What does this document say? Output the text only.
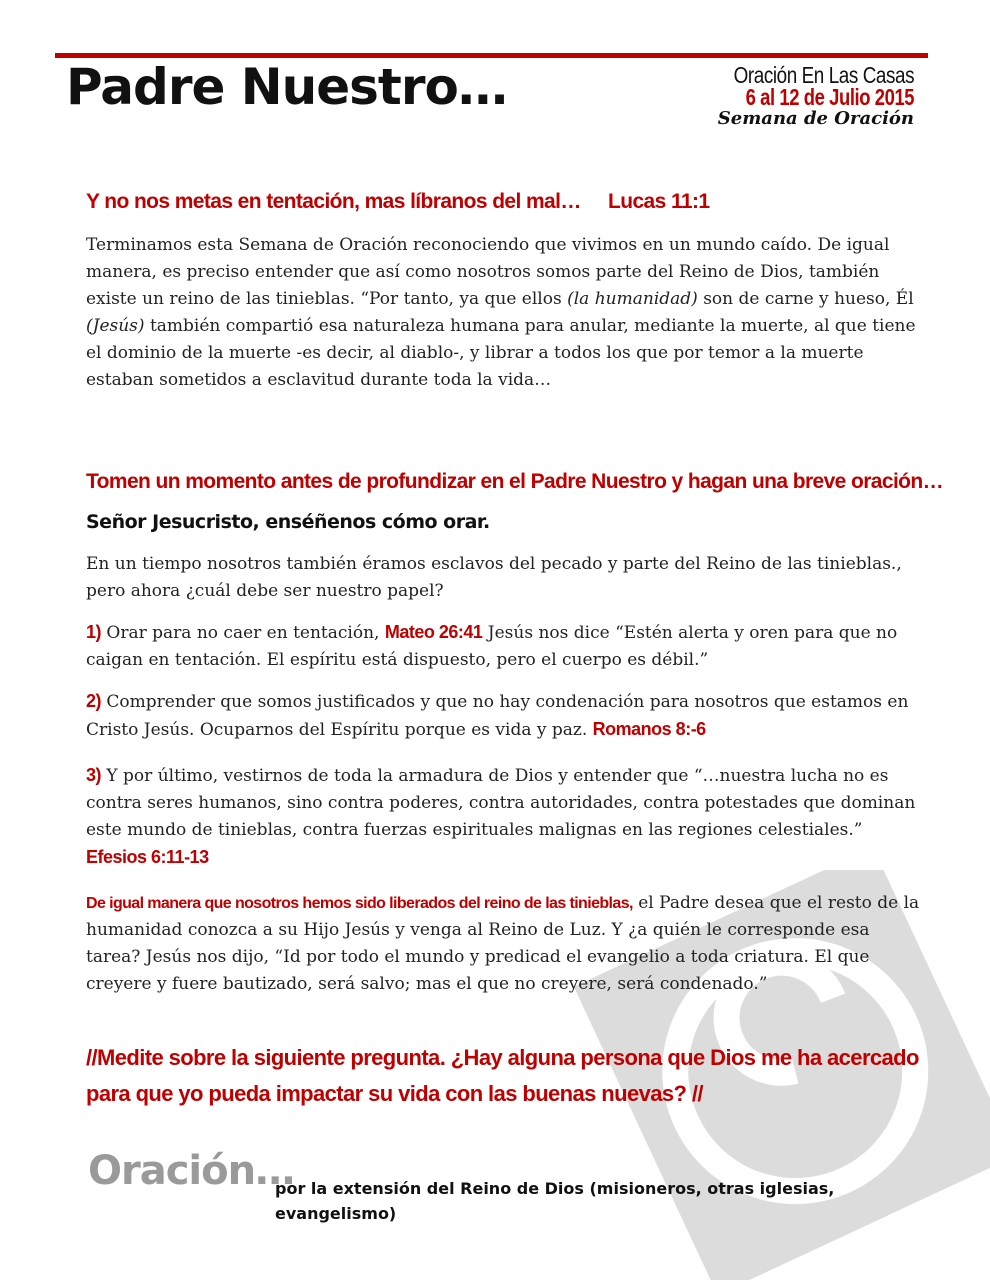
Padre Nuestro…	Oración En Las Casas
6 al 12 de Julio 2015
Semana de Oración
Y no nos metas en tentación, mas líbranos del mal… Lucas 11:1
Terminamos esta Semana de Oración reconociendo que vivimos en un mundo caído. De igual manera, es preciso entender que así como nosotros somos parte del Reino de Dios, también existe un reino de las tinieblas. “Por tanto, ya que ellos (la humanidad) son de carne y hueso, Él (Jesús) también compartió esa naturaleza humana para anular, mediante la muerte, al que tiene el dominio de la muerte -es decir, al diablo-, y librar a todos los que por temor a la muerte estaban sometidos a esclavitud durante toda la vida…
Tomen un momento antes de profundizar en el Padre Nuestro y hagan una breve oración…
Señor Jesucristo, enséñenos cómo orar.
En un tiempo nosotros también éramos esclavos del pecado y parte del Reino de las tinieblas., pero ahora ¿cuál debe ser nuestro papel?
1) Orar para no caer en tentación, Mateo 26:41 Jesús nos dice “Estén alerta y oren para que no caigan en tentación. El espíritu está dispuesto, pero el cuerpo es débil.”
2) Comprender que somos justificados y que no hay condenación para nosotros que estamos en Cristo Jesús. Ocuparnos del Espíritu porque es vida y paz. Romanos 8:-6
3) Y por último, vestirnos de toda la armadura de Dios y entender que “…nuestra lucha no es contra seres humanos, sino contra poderes, contra autoridades, contra potestades que dominan este mundo de tinieblas, contra fuerzas espirituales malignas en las regiones celestiales.” Efesios 6:11-13
De igual manera que nosotros hemos sido liberados del reino de las tinieblas, el Padre desea que el resto de la humanidad conozca a su Hijo Jesús y venga al Reino de Luz. Y ¿a quién le corresponde esa tarea? Jesús nos dijo, “Id por todo el mundo y predicad el evangelio a toda criatura. El que creyere y fuere bautizado, será salvo; mas el que no creyere, será condenado.”
//Medite sobre la siguiente pregunta. ¿Hay alguna persona que Dios me ha acercado para que yo pueda impactar su vida con las buenas nuevas? //
Oración…
por la extensión del Reino de Dios (misioneros, otras iglesias, evangelismo)
